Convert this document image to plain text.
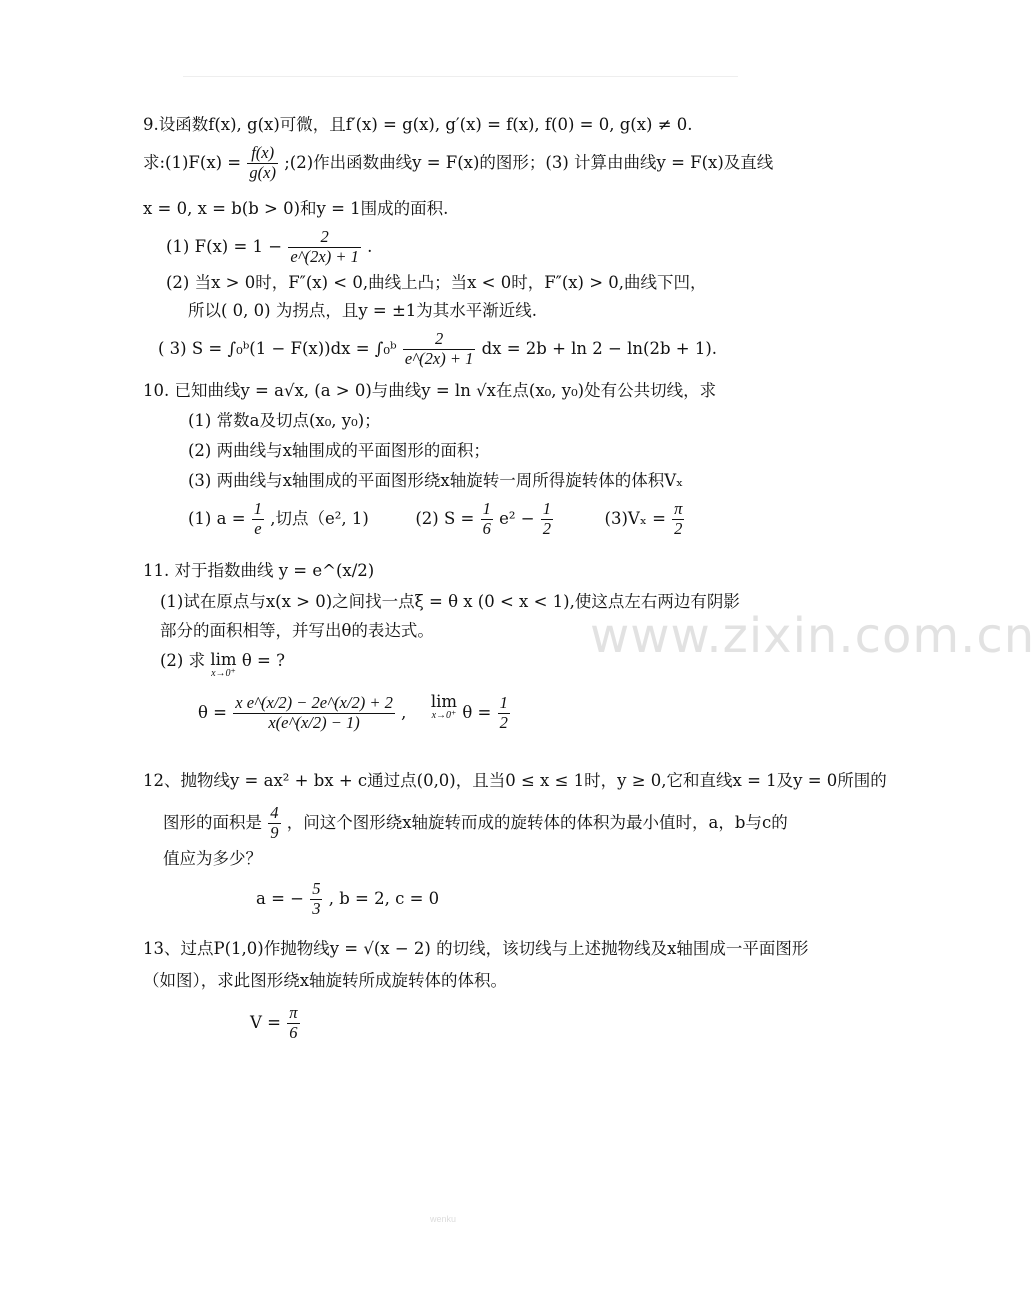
9.设函数f(x), g(x)可微，且f′(x) = g(x), g′(x) = f(x), f(0) = 0, g(x) ≠ 0.
求:(1)F(x) = $\frac{f(x)}{g(x)}$ ;(2)作出函数曲线y = F(x)的图形；(3) 计算由曲线y = F(x)及直线
x = 0, x = b(b > 0)和y = 1围成的面积.
(1) $F(x) = 1 - \frac{2}{e\^{}(2x) + 1}$ .
(2) 当x > 0时，F″(x) < 0,曲线上凸；当x < 0时，F″(x) > 0,曲线下凹，
所以( 0, 0) 为拐点，且y = ±1为其水平渐近线.
( 3) S = ∫₀ᵇ(1 − F(x))dx = ∫₀ᵇ $\frac{2}{e\^{}(2x) + 1}$ dx = 2b + ln 2 − ln(2b + 1).
10. 已知曲线y = a√x, (a > 0)与曲线y = ln √x在点(x₀, y₀)处有公共切线，求
(1) 常数a及切点(x₀, y₀)；
(2) 两曲线与x轴围成的平面图形的面积；
(3) 两曲线与x轴围成的平面图形绕x轴旋转一周所得旋转体的体积Vₓ
(1) $a = \frac{1}{e}$ ,切点（e², 1)	(2) $S = \frac{1}{6} e^2 - \frac{1}{2}$	$(3)V_x = \frac{\pi}{2}$
11. 对于指数曲线 y = e^(x/2)
(1)试在原点与x(x > 0)之间找一点ξ = θ x (0 < x < 1),使这点左右两边有阴影
部分的面积相等，并写出θ的表达式。
(2) 求 lim
x→0⁺
θ = ?
$\theta = \frac{\text{x e\textasciicircum{}(x/2) − 2e\textasciicircum{}(x/2) + 2}}{x(e\^{}(x/2) - 1)}$ ,  lim
x→0⁺ $\theta = \frac{1}{2}$
12、抛物线y = ax² + bx + c通过点(0,0)，且当0 ≤ x ≤ 1时，y ≥ 0,它和直线x = 1及y = 0所围的
图形的面积是 $\frac{4}{9}$ ，问这个图形绕x轴旋转而成的旋转体的体积为最小值时，a，b与c的
值应为多少？
a = − $\frac{5}{3}$ , b = 2, c = 0
13、过点P(1,0)作抛物线y = √(x − 2) 的切线，该切线与上述抛物线及x轴围成一平面图形
（如图），求此图形绕x轴旋转所成旋转体的体积。
$V = \frac{\pi}{6}$
www.zixin.com.cn
wenku
